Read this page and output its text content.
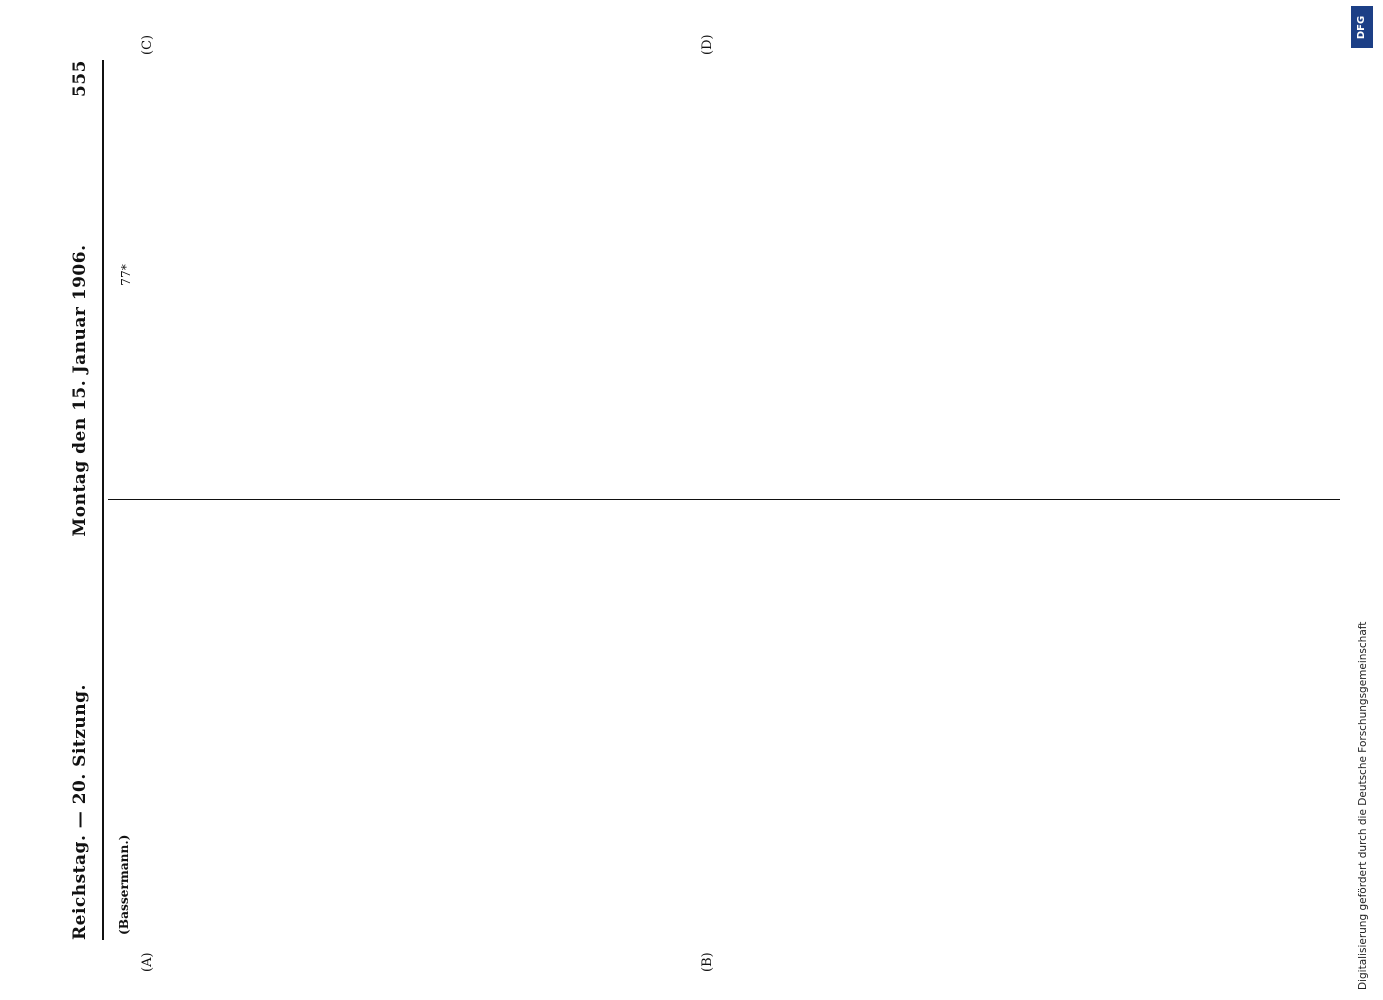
Reichstag. — 20. Sitzung.
Montag den 15. Januar 1906.
555
(A)	(B)
(C)	(D)

(Bassermann.)

77*

Digitalisierung gefördert durch die Deutsche Forschungsgemeinschaft
DFG
